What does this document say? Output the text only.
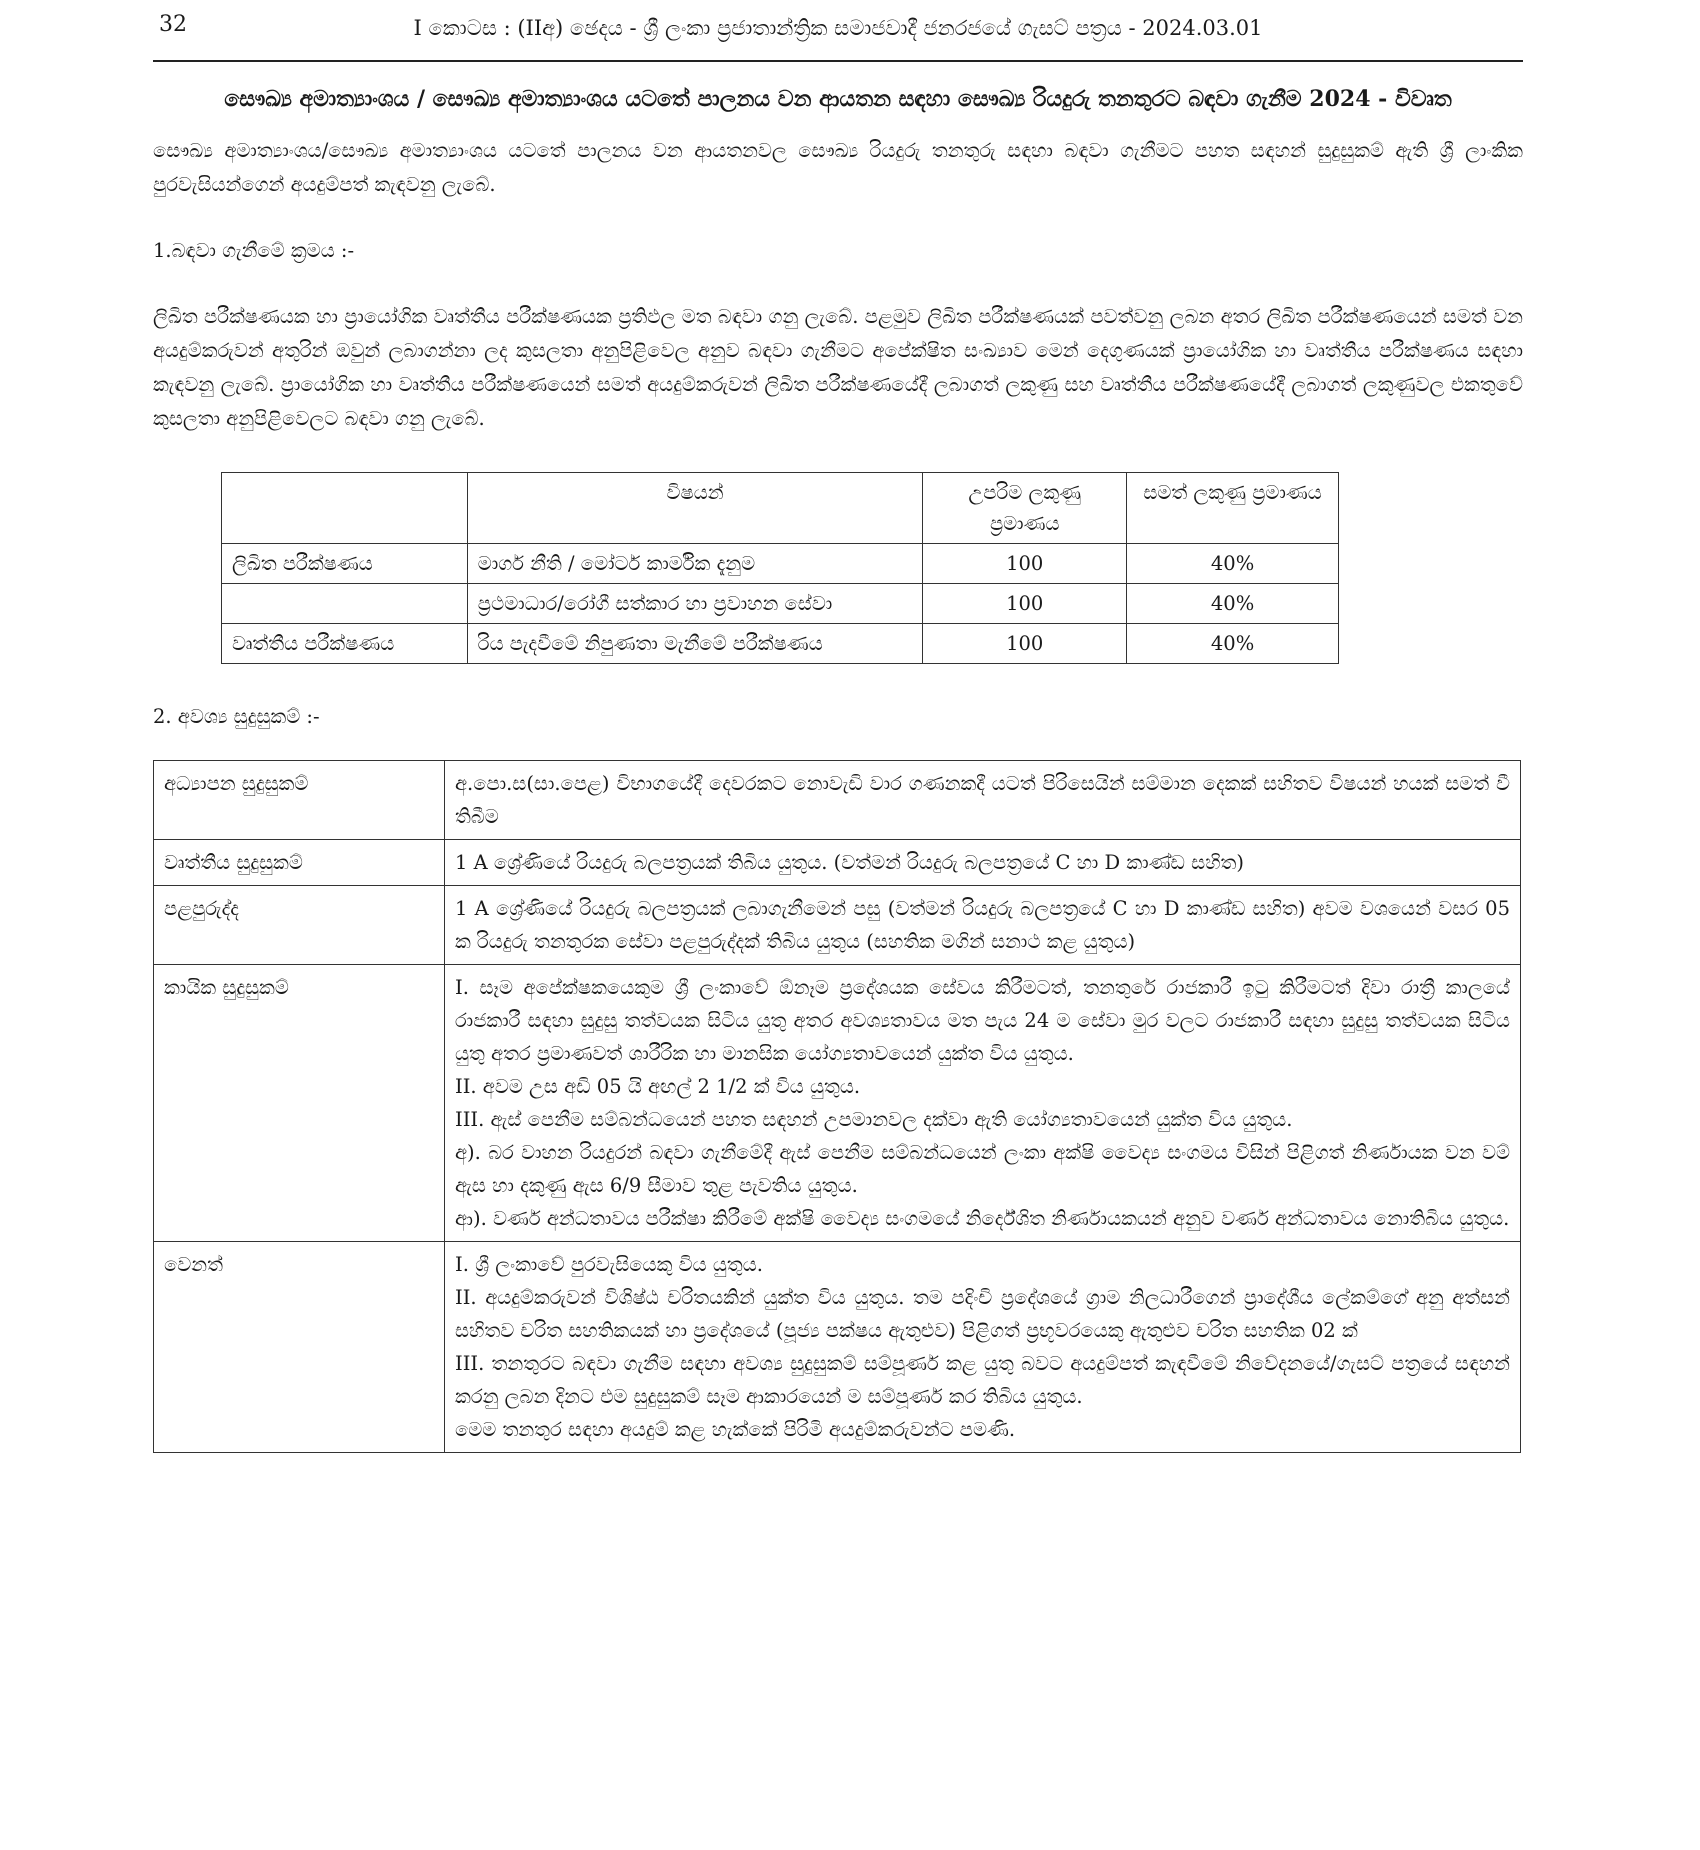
32	I කොටස : (IIඅ) ඡෙදය - ශ්‍රී ලංකා ප්‍රජාතාන්ත්‍රික සමාජවාදී ජනරජයේ ගැසට් පත්‍රය - 2024.03.01
සෞඛ්‍ය අමාත්‍යාංශය / සෞඛ්‍ය අමාත්‍යාංශය යටතේ පාලනය වන ආයතන සඳහා සෞඛ්‍ය රියදුරු තනතුරට බඳවා ගැනීම 2024 - විවෘත

සෞඛ්‍ය අමාත්‍යාංශය/සෞඛ්‍ය අමාත්‍යාංශය යටතේ පාලනය වන ආයතනවල සෞඛ්‍ය රියදුරු තනතුරු සඳහා බඳවා ගැනීමට පහත සඳහන් සුදුසුකම් ඇති ශ්‍රී ලාංකික පුරවැසියන්ගෙන් අයදුම්පත් කැඳවනු ලැබේ.

1.බඳවා ගැනීමේ ක්‍රමය :-

ලිඛිත පරීක්ෂණයක හා ප්‍රායෝගික වෘත්තීය පරීක්ෂණයක ප්‍රතිඵල මත බඳවා ගනු ලැබේ. පළමුව ලිඛිත පරීක්ෂණයක් පවත්වනු ලබන අතර ලිඛිත පරීක්ෂණයෙන් සමත් වන අයදුම්කරුවන් අතුරින් ඔවුන් ලබාගන්නා ලද කුසලතා අනුපිළිවෙල අනුව බඳවා ගැනීමට අපේක්ෂිත සංඛ්‍යාව මෙන් දෙගුණයක් ප්‍රායෝගික හා වෘත්තීය පරීක්ෂණය සඳහා කැඳවනු ලැබේ. ප්‍රායෝගික හා වෘත්තීය පරීක්ෂණයෙන් සමත් අයදුම්කරුවන් ලිඛිත පරීක්ෂණයේදී ලබාගත් ලකුණු සහ වෘත්තීය පරීක්ෂණයේදී ලබාගත් ලකුණුවල එකතුවේ කුසලතා අනුපිළිවෙලට බඳවා ගනු ලැබේ.

	විෂයන්	උපරිම ලකුණු ප්‍රමාණය	සමත් ලකුණු ප්‍රමාණය
ලිඛිත පරීක්ෂණය	මාර්ග නීති / මෝටර් කාර්මික දැනුම	100	40%
	ප්‍රථමාධාර/රෝගී සත්කාර හා ප්‍රවාහන සේවා	100	40%
වෘත්තීය පරීක්ෂණය	රිය පැදවීමේ නිපුණතා මැනීමේ පරීක්ෂණය	100	40%

2. අවශ්‍ය සුදුසුකම් :-

අධ්‍යාපන සුදුසුකම්	අ.පො.ස(සා.පෙළ) විභාගයේදී දෙවරකට නොවැඩි වාර ගණනකදී යටත් පිරිසෙයින් සම්මාන දෙකක් සහිතව විෂයන් හයක් සමත් වී තිබීම

වෘත්තීය සුදුසුකම්	1 A ශ්‍රේණියේ රියදුරු බලපත්‍රයක් තිබිය යුතුය. (වත්මන් රියදුරු බලපත්‍රයේ C හා D කාණ්ඩ සහිත)

පළපුරුද්ද	1 A ශ්‍රේණියේ රියදුරු බලපත්‍රයක් ලබාගැනීමෙන් පසු (වත්මන් රියදුරු බලපත්‍රයේ C හා D කාණ්ඩ සහිත) අවම වශයෙන් වසර 05 ක රියදුරු තනතුරක සේවා පළපුරුද්දක් තිබිය යුතුය (සහතික මගින් සනාථ කළ යුතුය)

කායික සුදුසුකම්	I. සෑම අපේක්ෂකයෙකුම ශ්‍රී ලංකාවේ ඕනෑම ප්‍රදේශයක සේවය කිරීමටත්, තනතුරේ රාජකාරී ඉටු කිරීමටත් දිවා රාත්‍රී කාලයේ රාජකාරී සඳහා සුදුසු තත්වයක සිටිය යුතු අතර අවශ්‍යතාවය මත පැය 24 ම සේවා මුර වලට රාජකාරී සඳහා සුදුසු තත්වයක සිටිය යුතු අතර ප්‍රමාණවත් ශාරීරික හා මානසික යෝග්‍යතාවයෙන් යුක්ත විය යුතුය.
II. අවම උස අඩි 05 යි අඟල් 2 1/2 ක් විය යුතුය.
III. ඇස් පෙනීම සම්බන්ධයෙන් පහත සඳහන් උපමානවල දක්වා ඇති යෝග්‍යතාවයෙන් යුක්ත විය යුතුය.
අ). බර වාහන රියදුරන් බඳවා ගැනීමේදී ඇස් පෙනීම සම්බන්ධයෙන් ලංකා අක්ෂි වෛද්‍ය සංගමය විසින් පිළිගත් නිර්ණායක වන වම් ඇස හා දකුණු ඇස 6/9 සීමාව තුළ පැවතිය යුතුය.
ආ). වර්ණ අන්ධතාවය පරීක්ෂා කිරීමේ අක්ෂි වෛද්‍ය සංගමයේ නිර්දේශිත නිර්ණායකයන් අනුව වර්ණ අන්ධතාවය නොතිබිය යුතුය.

වෙනත්	I. ශ්‍රී ලංකාවේ පුරවැසියෙකු විය යුතුය.
II. අයදුම්කරුවන් විශිෂ්ඨ චරිතයකින් යුක්ත විය යුතුය. තම පදිංචි ප්‍රදේශයේ ග්‍රාම නිලධාරීගෙන් ප්‍රාදේශීය ලේකම්ගේ අනු අත්සන් සහිතව චරිත සහතිකයක් හා ප්‍රදේශයේ (පූජ්‍ය පක්ෂය ඇතුළුව) පිළිගත් ප්‍රභූවරයෙකු ඇතුළුව චරිත සහතික 02 ක්
III. තනතුරට බඳවා ගැනීම සඳහා අවශ්‍ය සුදුසුකම් සම්පූර්ණ කළ යුතු බවට අයදුම්පත් කැඳවීමේ නිවේදනයේ/ගැසට් පත්‍රයේ සඳහන් කරනු ලබන දිනට එම සුදුසුකම් සෑම ආකාරයෙන් ම සම්පූර්ණ කර තිබිය යුතුය.
මෙම තනතුර සඳහා අයදුම් කළ හැක්කේ පිරිමි අයදුම්කරුවන්ට පමණි.
